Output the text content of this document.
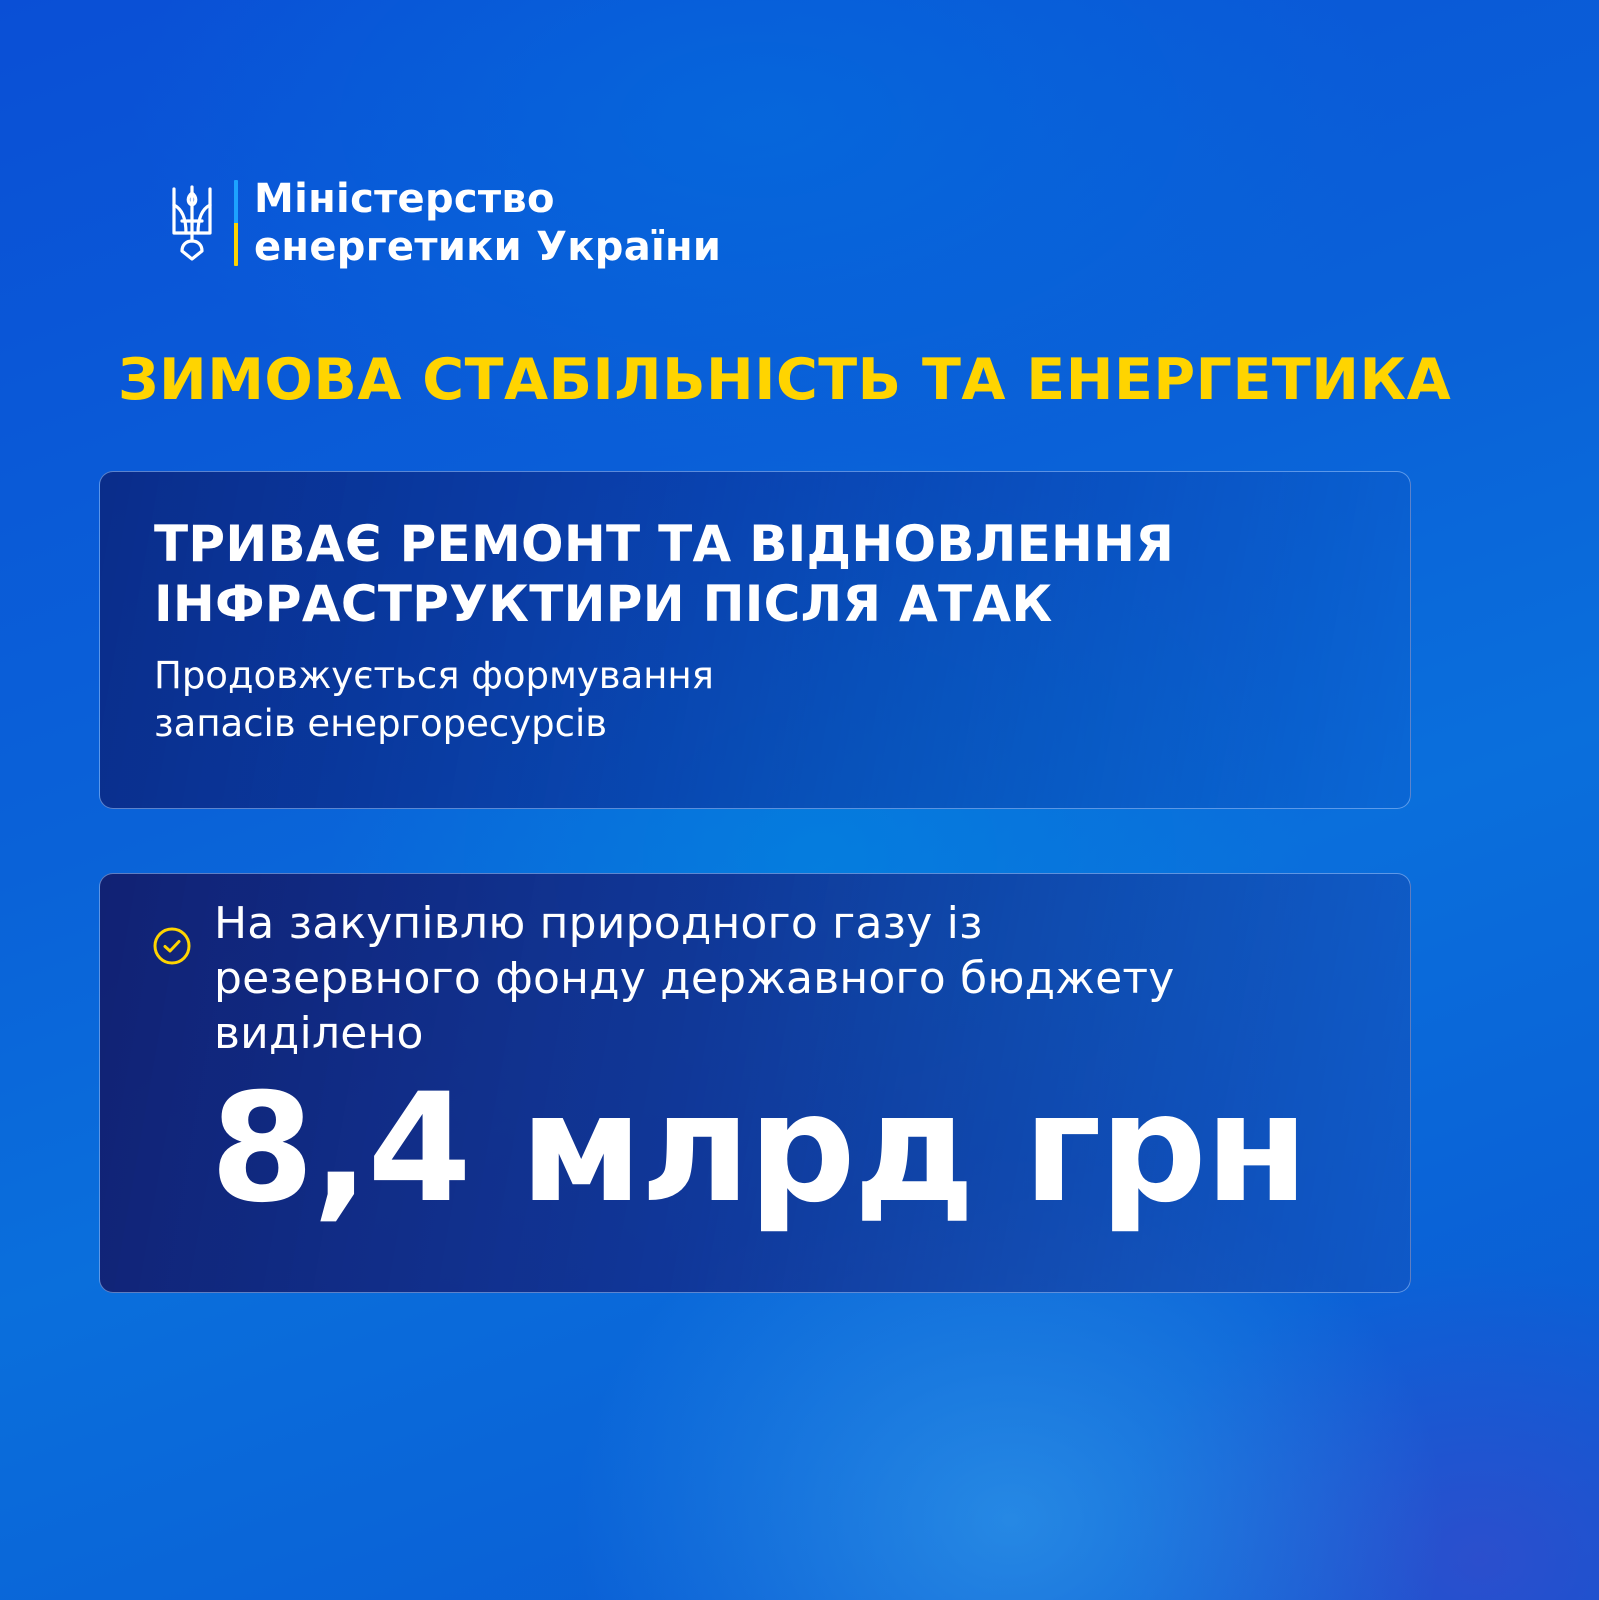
Міністерство
енергетики України
ЗИМОВА СТАБІЛЬНІСТЬ ТА ЕНЕРГЕТИКА
ТРИВАЄ РЕМОНТ ТА ВІДНОВЛЕННЯ
ІНФРАСТРУКТИРИ ПІСЛЯ АТАК

Продовжується формування
запасів енергоресурсів

На закупівлю природного газу із
резервного фонду державного бюджету
виділено

8,4 млрд грн
